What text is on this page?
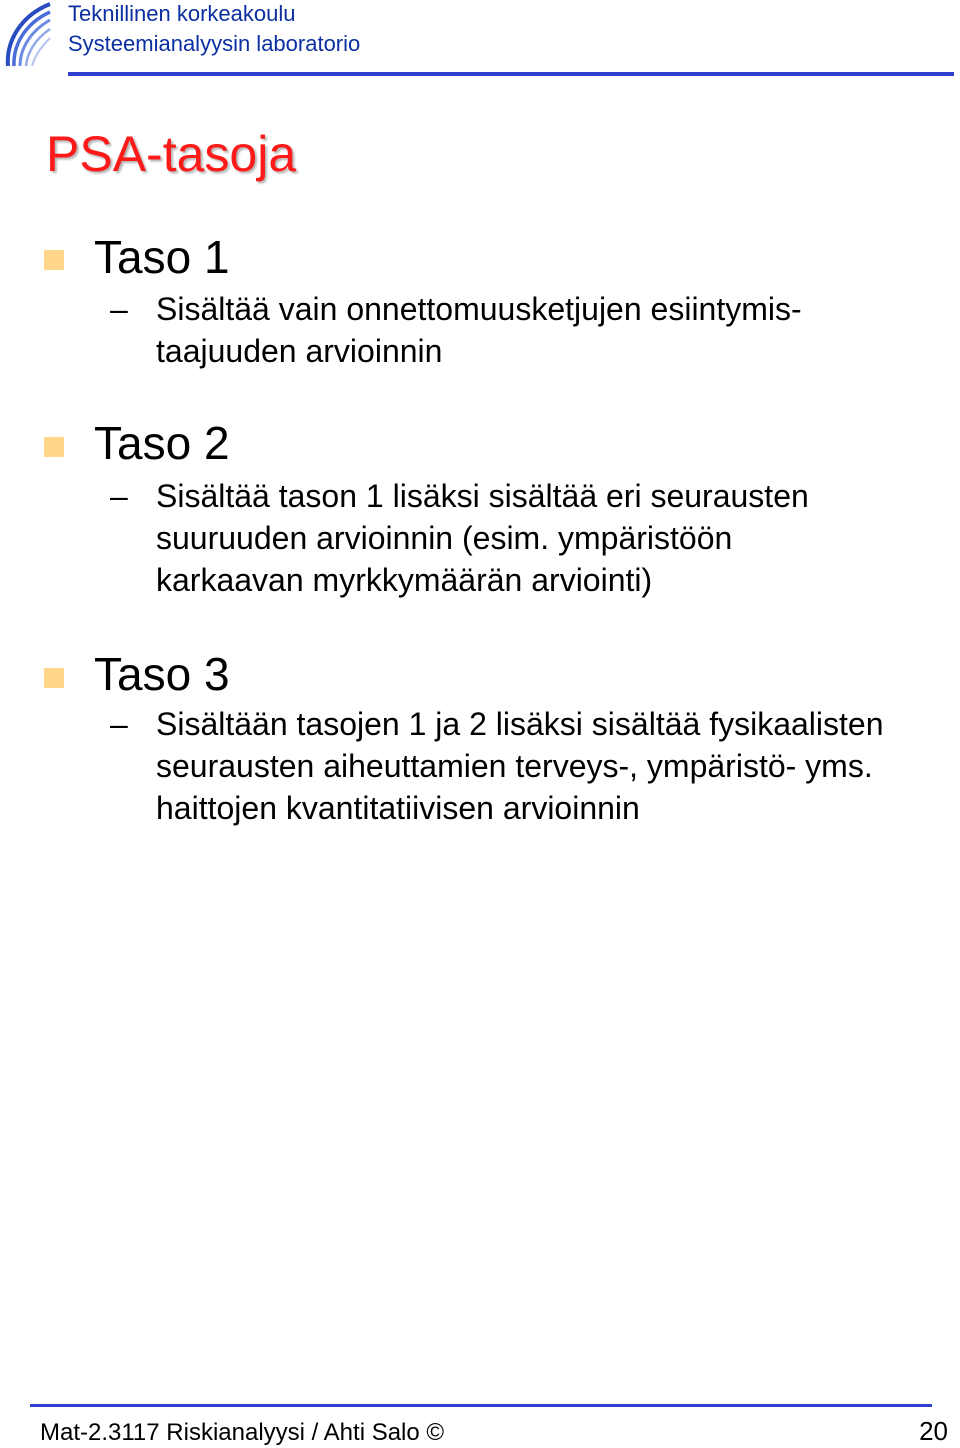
Teknillinen korkeakoulu
Systeemianalyysin laboratorio
PSA-tasoja
Taso 1
– Sisältää vain onnettomuusketjujen esiintymis-
taajuuden arvioinnin
Taso 2
– Sisältää tason 1 lisäksi sisältää eri seurausten
suuruuden arvioinnin (esim. ympäristöön
karkaavan myrkkymäärän arviointi)
Taso 3
– Sisältään tasojen 1 ja 2 lisäksi sisältää fysikaalisten
seurausten aiheuttamien terveys-, ympäristö- yms.
haittojen kvantitatiivisen arvioinnin
Mat-2.3117 Riskianalyysi / Ahti Salo ©	20
